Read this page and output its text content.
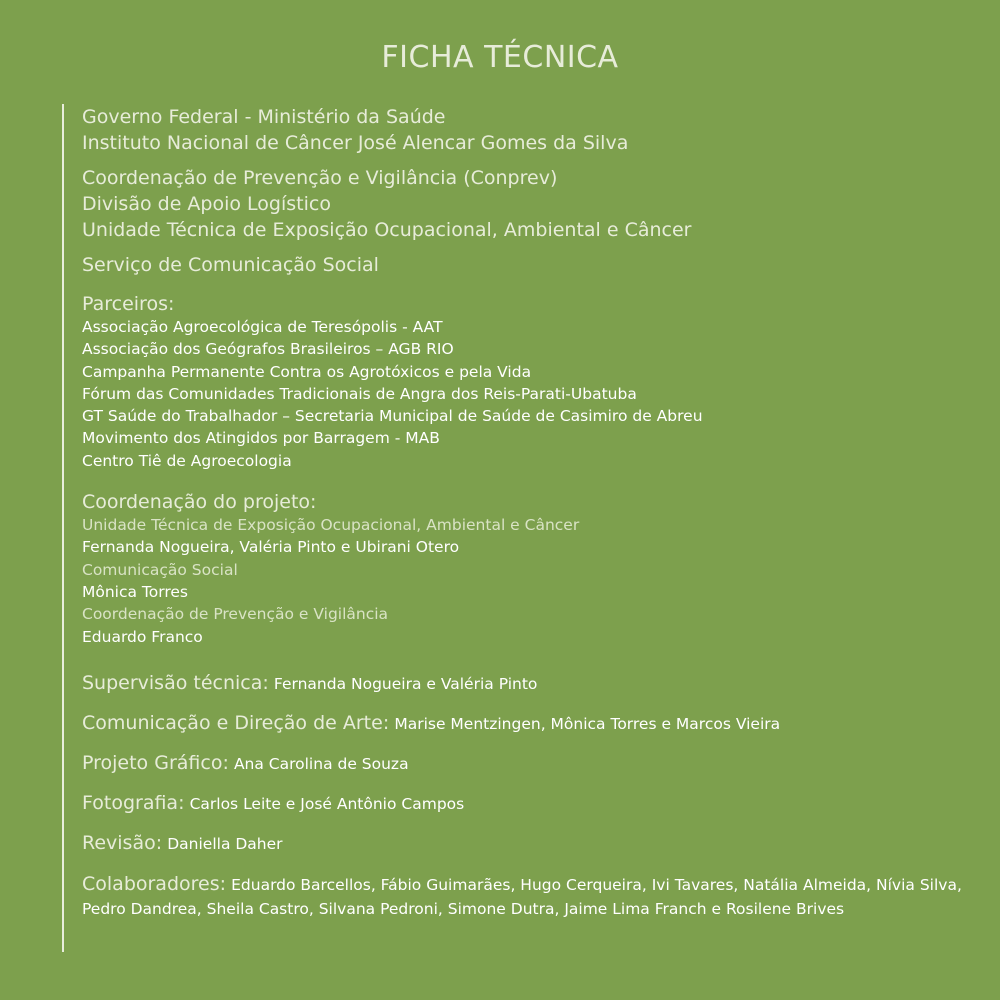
FICHA TÉCNICA
Governo Federal - Ministério da Saúde
Instituto Nacional de Câncer José Alencar Gomes da Silva
Coordenação de Prevenção e Vigilância (Conprev)
Divisão de Apoio Logístico
Unidade Técnica de Exposição Ocupacional, Ambiental e Câncer
Serviço de Comunicação Social
Parceiros:
Associação Agroecológica de Teresópolis - AAT
Associação dos Geógrafos Brasileiros – AGB RIO
Campanha Permanente Contra os Agrotóxicos e pela Vida
Fórum das Comunidades Tradicionais de Angra dos Reis-Parati-Ubatuba
GT Saúde do Trabalhador – Secretaria Municipal de Saúde de Casimiro de Abreu
Movimento dos Atingidos por Barragem - MAB
Centro Tiê de Agroecologia
Coordenação do projeto:
Unidade Técnica de Exposição Ocupacional, Ambiental e Câncer
Fernanda Nogueira, Valéria Pinto e Ubirani Otero
Comunicação Social
Mônica Torres
Coordenação de Prevenção e Vigilância
Eduardo Franco
Supervisão técnica: Fernanda Nogueira e Valéria Pinto
Comunicação e Direção de Arte: Marise Mentzingen, Mônica Torres e Marcos Vieira
Projeto Gráfico: Ana Carolina de Souza
Fotografia: Carlos Leite e José Antônio Campos
Revisão: Daniella Daher
Colaboradores: Eduardo Barcellos, Fábio Guimarães, Hugo Cerqueira, Ivi Tavares, Natália Almeida, Nívia Silva, Pedro Dandrea, Sheila Castro, Silvana Pedroni, Simone Dutra, Jaime Lima Franch e Rosilene Brives
